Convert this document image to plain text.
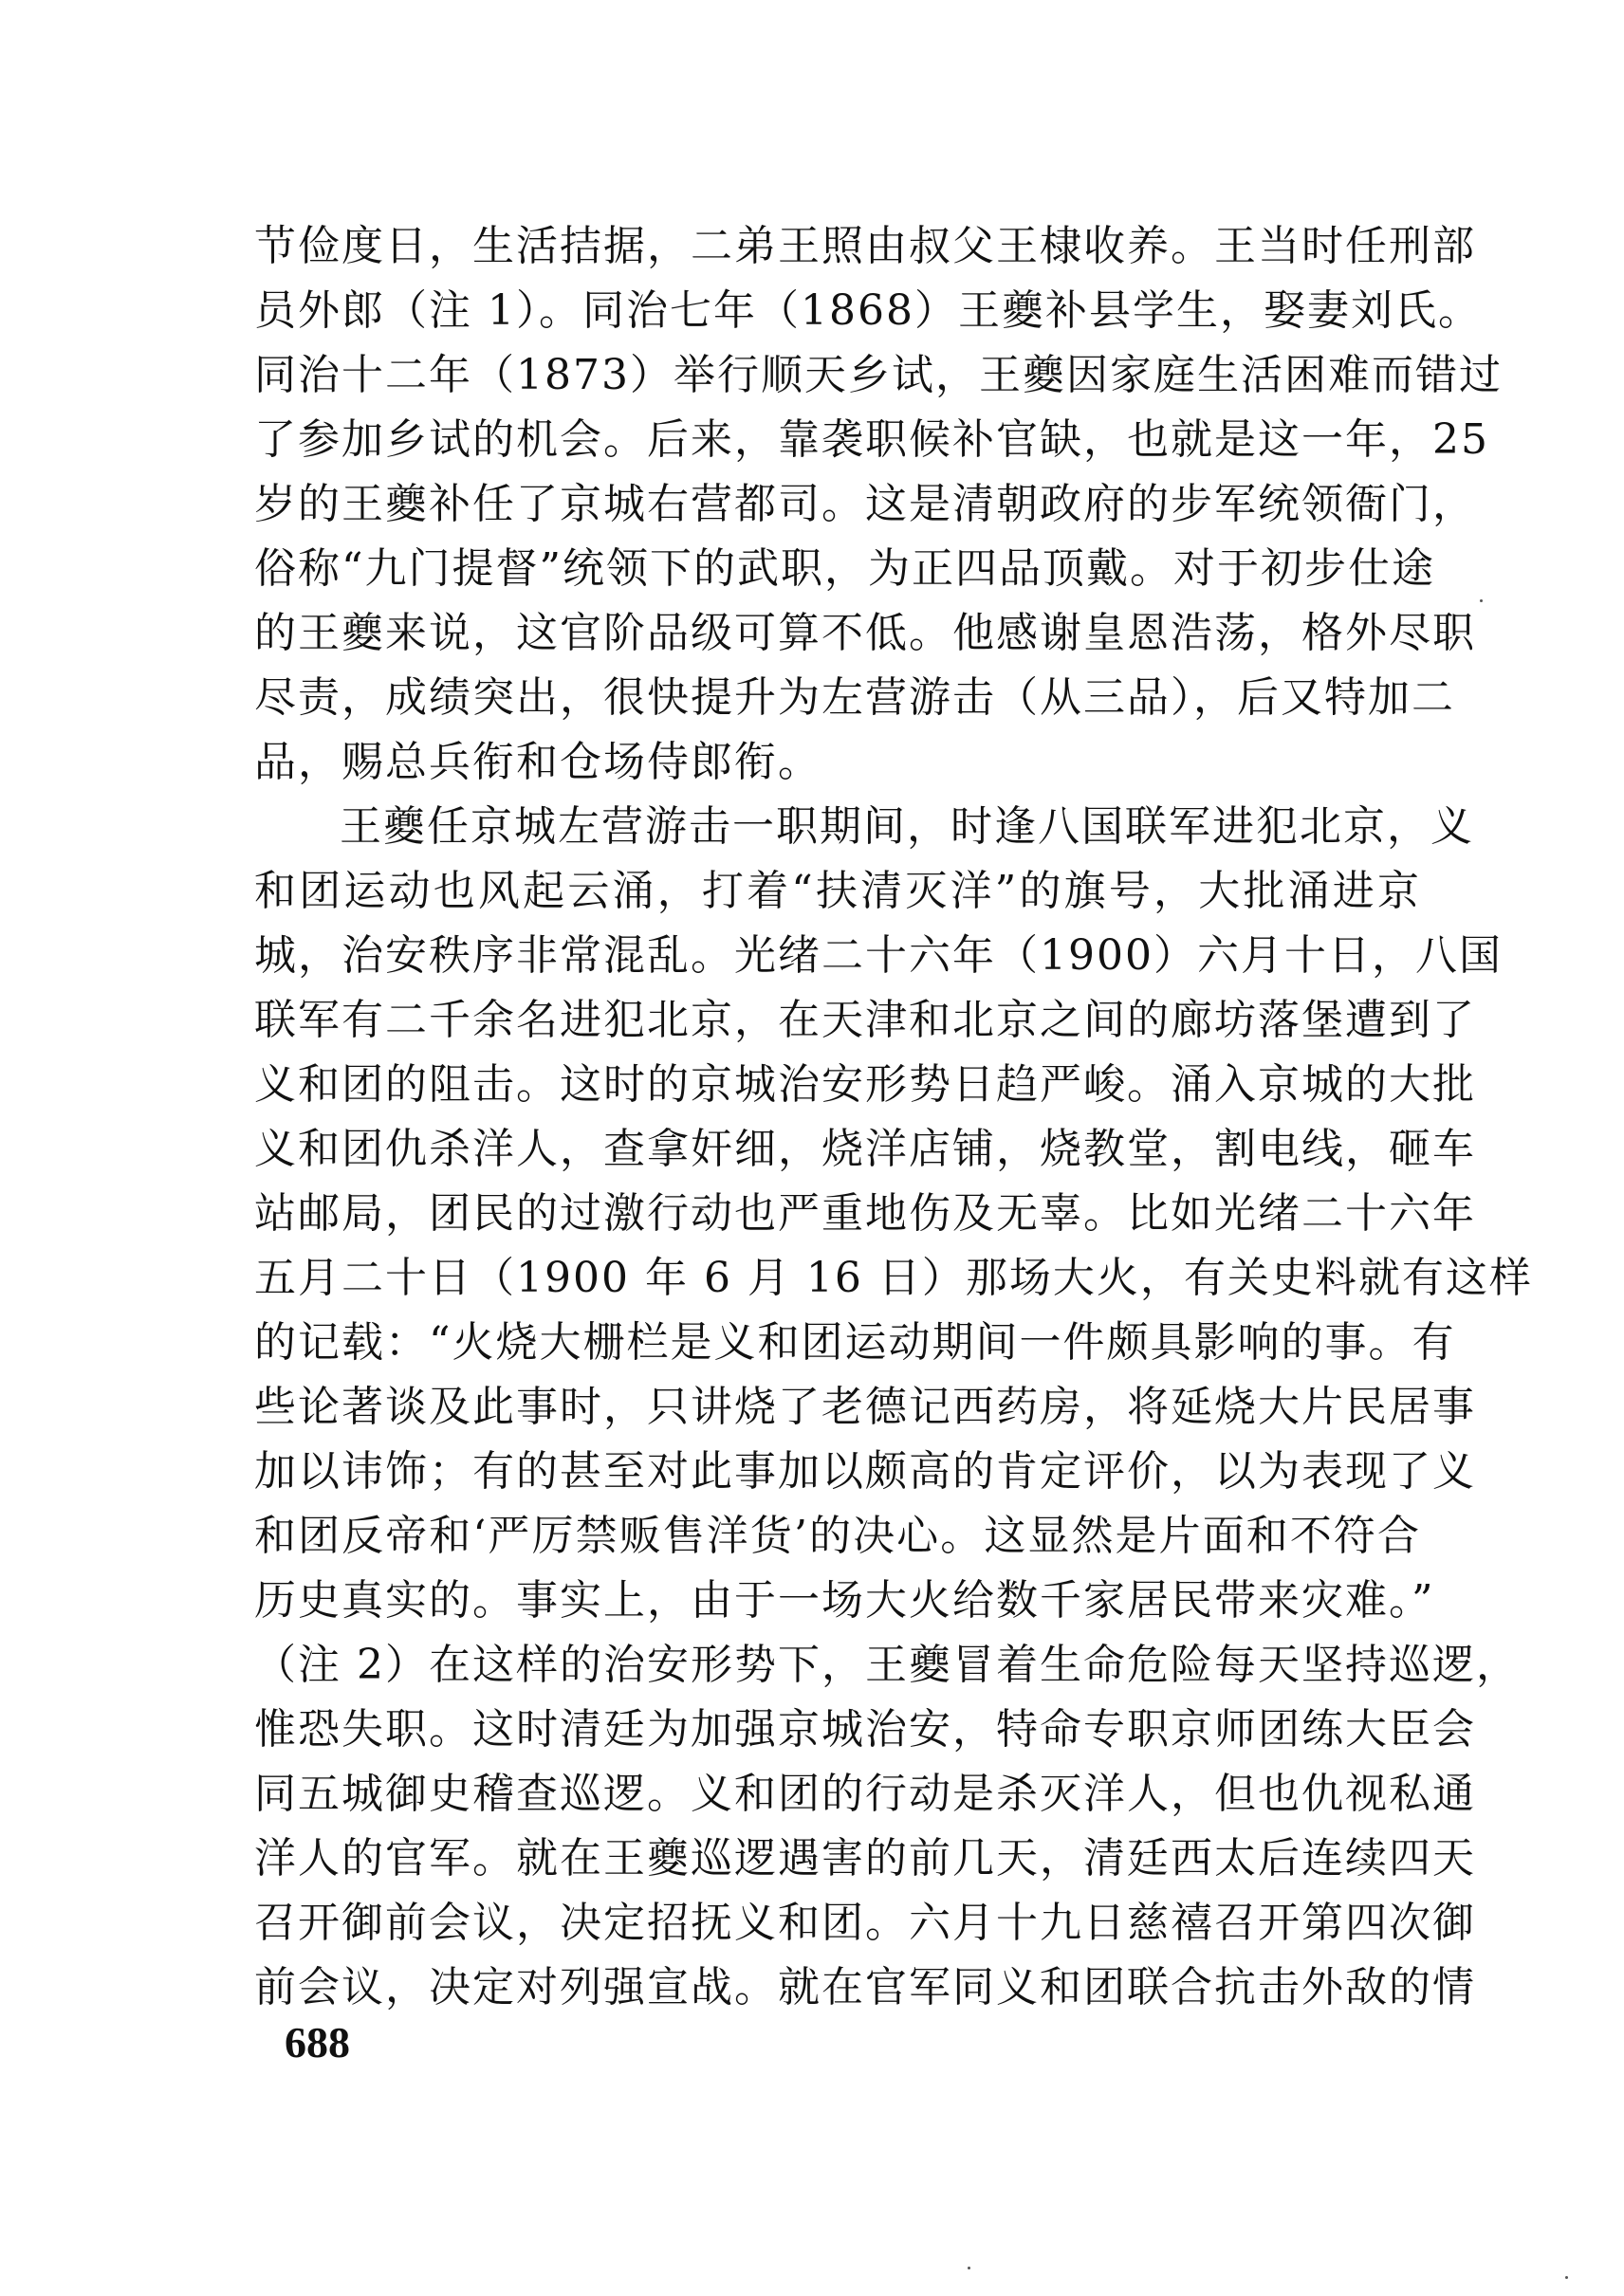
节俭度日，生活拮据，二弟王照由叔父王棣收养。王当时任刑部
员外郎（注 1）。同治七年（1868）王夔补县学生，娶妻刘氏。
同治十二年（1873）举行顺天乡试，王夔因家庭生活困难而错过
了参加乡试的机会。后来，靠袭职候补官缺，也就是这一年，25
岁的王夔补任了京城右营都司。这是清朝政府的步军统领衙门，
俗称“九门提督”统领下的武职，为正四品顶戴。对于初步仕途
的王夔来说，这官阶品级可算不低。他感谢皇恩浩荡，格外尽职
尽责，成绩突出，很快提升为左营游击（从三品），后又特加二
品，赐总兵衔和仓场侍郎衔。
王夔任京城左营游击一职期间，时逢八国联军进犯北京，义
和团运动也风起云涌，打着“扶清灭洋”的旗号，大批涌进京
城，治安秩序非常混乱。光绪二十六年（1900）六月十日，八国
联军有二千余名进犯北京，在天津和北京之间的廊坊落堡遭到了
义和团的阻击。这时的京城治安形势日趋严峻。涌入京城的大批
义和团仇杀洋人，查拿奸细，烧洋店铺，烧教堂，割电线，砸车
站邮局，团民的过激行动也严重地伤及无辜。比如光绪二十六年
五月二十日（1900 年 6 月 16 日）那场大火，有关史料就有这样
的记载：“火烧大栅栏是义和团运动期间一件颇具影响的事。有
些论著谈及此事时，只讲烧了老德记西药房，将延烧大片民居事
加以讳饰；有的甚至对此事加以颇高的肯定评价，以为表现了义
和团反帝和‘严厉禁贩售洋货’的决心。这显然是片面和不符合
历史真实的。事实上，由于一场大火给数千家居民带来灾难。”
（注 2）在这样的治安形势下，王夔冒着生命危险每天坚持巡逻，
惟恐失职。这时清廷为加强京城治安，特命专职京师团练大臣会
同五城御史稽查巡逻。义和团的行动是杀灭洋人，但也仇视私通
洋人的官军。就在王夔巡逻遇害的前几天，清廷西太后连续四天
召开御前会议，决定招抚义和团。六月十九日慈禧召开第四次御
前会议，决定对列强宣战。就在官军同义和团联合抗击外敌的情
688
